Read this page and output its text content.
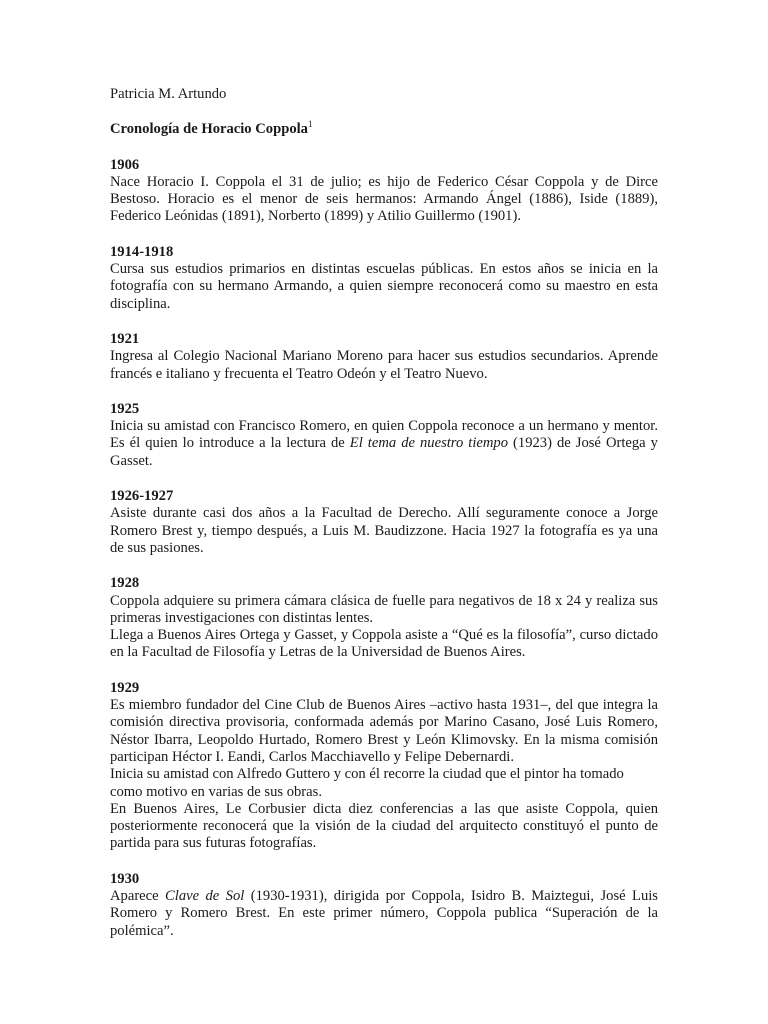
Patricia M. Artundo

Cronología de Horacio Coppola$^1$

1906

Nace Horacio I. Coppola el 31 de julio; es hijo de Federico César Coppola y de Dirce Bestoso. Horacio es el menor de seis hermanos: Armando Ángel (1886), Iside (1889), Federico Leónidas (1891), Norberto (1899) y Atilio Guillermo (1901).

1914-1918

Cursa sus estudios primarios en distintas escuelas públicas. En estos años se inicia en la fotografía con su hermano Armando, a quien siempre reconocerá como su maestro en esta disciplina.

1921

Ingresa al Colegio Nacional Mariano Moreno para hacer sus estudios secundarios. Aprende francés e italiano y frecuenta el Teatro Odeón y el Teatro Nuevo.

1925

Inicia su amistad con Francisco Romero, en quien Coppola reconoce a un hermano y mentor. Es él quien lo introduce a la lectura de El tema de nuestro tiempo (1923) de José Ortega y Gasset.

1926-1927

Asiste durante casi dos años a la Facultad de Derecho. Allí seguramente conoce a Jorge Romero Brest y, tiempo después, a Luis M. Baudizzone. Hacia 1927 la fotografía es ya una de sus pasiones.

1928

Coppola adquiere su primera cámara clásica de fuelle para negativos de 18 x 24 y realiza sus primeras investigaciones con distintas lentes.

Llega a Buenos Aires Ortega y Gasset, y Coppola asiste a “Qué es la filosofía”, curso dictado en la Facultad de Filosofía y Letras de la Universidad de Buenos Aires.

1929

Es miembro fundador del Cine Club de Buenos Aires –activo hasta 1931–, del que integra la comisión directiva provisoria, conformada además por Marino Casano, José Luis Romero, Néstor Ibarra, Leopoldo Hurtado, Romero Brest y León Klimovsky. En la misma comisión participan Héctor I. Eandi, Carlos Macchiavello y Felipe Debernardi.

Inicia su amistad con Alfredo Guttero y con él recorre la ciudad que el pintor ha tomado como motivo en varias de sus obras.

En Buenos Aires, Le Corbusier dicta diez conferencias a las que asiste Coppola, quien posteriormente reconocerá que la visión de la ciudad del arquitecto constituyó el punto de partida para sus futuras fotografías.

1930

Aparece Clave de Sol (1930-1931), dirigida por Coppola, Isidro B. Maiztegui, José Luis Romero y Romero Brest. En este primer número, Coppola publica “Superación de la polémica”.
